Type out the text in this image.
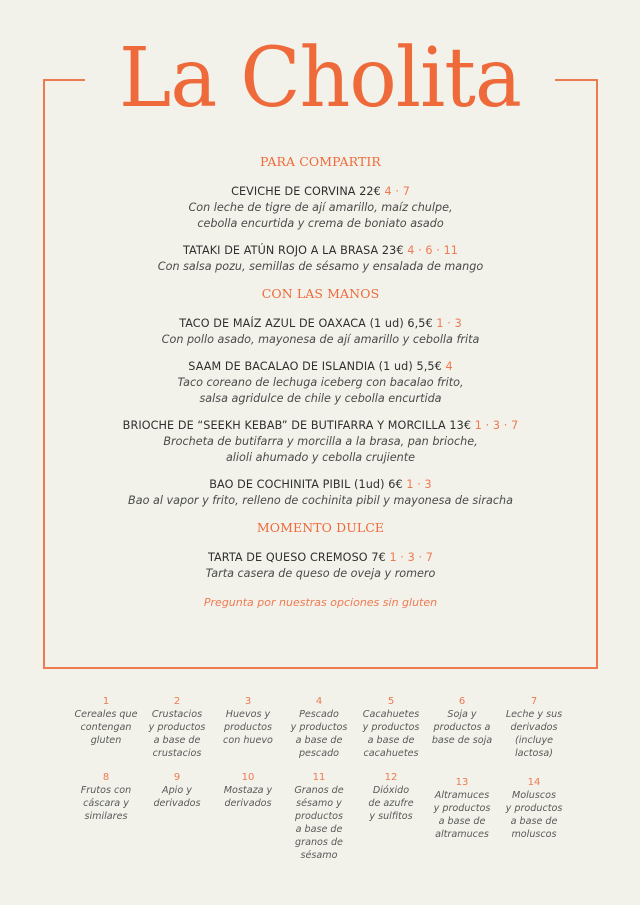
La Cholita
PARA COMPARTIR
CEVICHE DE CORVINA 22€ 4 · 7
Con leche de tigre de ají amarillo, maíz chulpe,
cebolla encurtida y crema de boniato asado
TATAKI DE ATÚN ROJO A LA BRASA 23€ 4 · 6 · 11
Con salsa pozu, semillas de sésamo y ensalada de mango
CON LAS MANOS
TACO DE MAÍZ AZUL DE OAXACA (1 ud) 6,5€ 1 · 3
Con pollo asado, mayonesa de ají amarillo y cebolla frita
SAAM DE BACALAO DE ISLANDIA (1 ud) 5,5€ 4
Taco coreano de lechuga iceberg con bacalao frito,
salsa agridulce de chile y cebolla encurtida
BRIOCHE DE “SEEKH KEBAB” DE BUTIFARRA Y MORCILLA 13€ 1 · 3 · 7
Brocheta de butifarra y morcilla a la brasa, pan brioche,
alioli ahumado y cebolla crujiente
BAO DE COCHINITA PIBIL (1ud) 6€ 1 · 3
Bao al vapor y frito, relleno de cochinita pibil y mayonesa de siracha
MOMENTO DULCE
TARTA DE QUESO CREMOSO 7€ 1 · 3 · 7
Tarta casera de queso de oveja y romero
Pregunta por nuestras opciones sin gluten
1
Cereales que
contengan
gluten
2
Crustacios
y productos
a base de
crustacios
3
Huevos y
productos
con huevo
4
Pescado
y productos
a base de
pescado
5
Cacahuetes
y productos
a base de
cacahuetes
6
Soja y
productos a
base de soja
7
Leche y sus
derivados
(incluye
lactosa)
8
Frutos con
cáscara y
similares
9
Apio y
derivados
10
Mostaza y
derivados
11
Granos de
sésamo y
productos
a base de
granos de
sésamo
12
Dióxido
de azufre
y sulfitos
13
Altramuces
y productos
a base de
altramuces
14
Moluscos
y productos
a base de
moluscos
